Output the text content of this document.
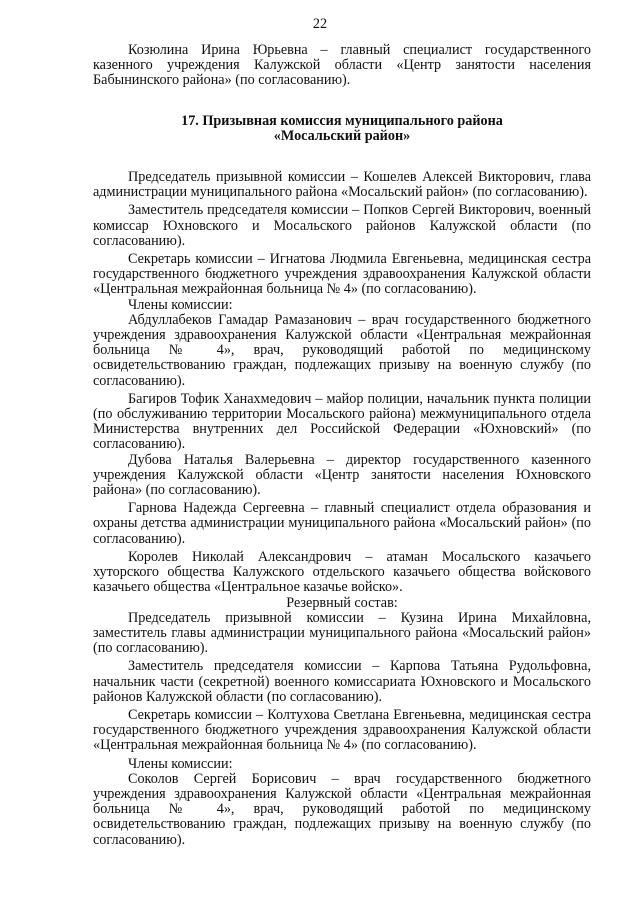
22

Козюлина Ирина Юрьевна – главный специалист государственного казенного учреждения Калужской области «Центр занятости населения Бабынинского района» (по согласованию).

17. Призывная комиссия муниципального района
«Мосальский район»

Председатель призывной комиссии – Кошелев Алексей Викторович, глава администрации муниципального района «Мосальский район» (по согласованию).

Заместитель председателя комиссии – Попков Сергей Викторович, военный комиссар Юхновского и Мосальского районов Калужской области (по согласованию).

Секретарь комиссии – Игнатова Людмила Евгеньевна, медицинская сестра государственного бюджетного учреждения здравоохранения Калужской области «Центральная межрайонная больница № 4» (по согласованию).

Члены комиссии:

Абдуллабеков Гамадар Рамазанович – врач государственного бюджетного учреждения здравоохранения Калужской области «Центральная межрайонная больница № 4», врач, руководящий работой по медицинскому освидетельствованию граждан, подлежащих призыву на военную службу (по согласованию).

Багиров Тофик Ханахмедович – майор полиции, начальник пункта полиции (по обслуживанию территории Мосальского района) межмуниципального отдела Министерства внутренних дел Российской Федерации «Юхновский» (по согласованию).

Дубова Наталья Валерьевна – директор государственного казенного учреждения Калужской области «Центр занятости населения Юхновского района» (по согласованию).

Гарнова Надежда Сергеевна – главный специалист отдела образования и охраны детства администрации муниципального района «Мосальский район» (по согласованию).

Королев Николай Александрович – атаман Мосальского казачьего хуторского общества Калужского отдельского казачьего общества войскового казачьего общества «Центральное казачье войско».

Резервный состав:

Председатель призывной комиссии – Кузина Ирина Михайловна, заместитель главы администрации муниципального района «Мосальский район» (по согласованию).

Заместитель председателя комиссии – Карпова Татьяна Рудольфовна, начальник части (секретной) военного комиссариата Юхновского и Мосальского районов Калужской области (по согласованию).

Секретарь комиссии – Колтухова Светлана Евгеньевна, медицинская сестра государственного бюджетного учреждения здравоохранения Калужской области «Центральная межрайонная больница № 4» (по согласованию).

Члены комиссии:

Соколов Сергей Борисович – врач государственного бюджетного учреждения здравоохранения Калужской области «Центральная межрайонная больница № 4», врач, руководящий работой по медицинскому освидетельствованию граждан, подлежащих призыву на военную службу (по согласованию).
